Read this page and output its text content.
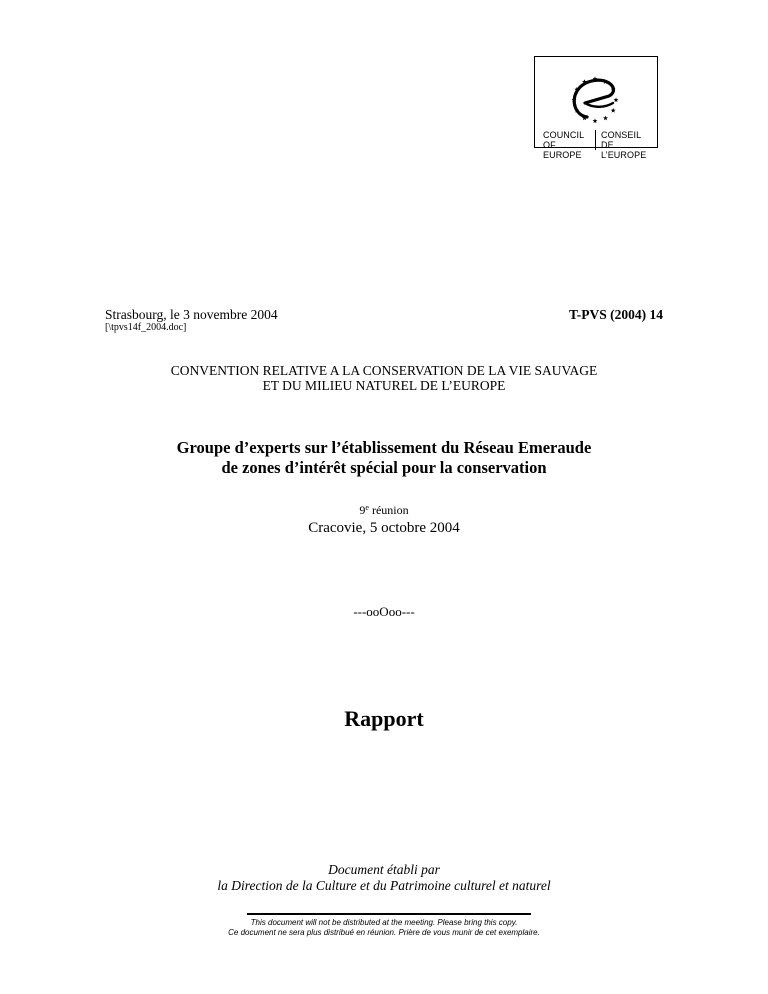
COUNCIL
OF EUROPE
CONSEIL
DE L’EUROPE
Strasbourg, le 3 novembre 2004	T-PVS (2004) 14
[\tpvs14f_2004.doc]
CONVENTION RELATIVE A LA CONSERVATION DE LA VIE SAUVAGE
ET DU MILIEU NATUREL DE L’EUROPE
Groupe d’experts sur l’établissement du Réseau Emeraude
de zones d’intérêt spécial pour la conservation
9e réunion
Cracovie, 5 octobre 2004
---ooOoo---
Rapport
Document établi par
la Direction de la Culture et du Patrimoine culturel et naturel
This document will not be distributed at the meeting. Please bring this copy.
Ce document ne sera plus distribué en réunion. Prière de vous munir de cet exemplaire.
